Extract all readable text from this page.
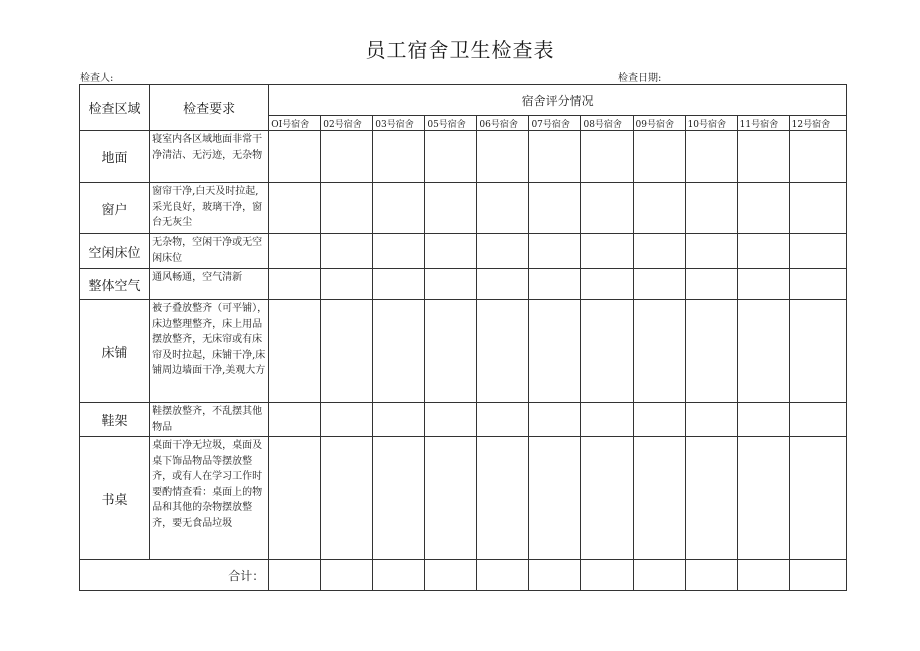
员工宿舍卫生检查表
检查人:	检查日期:
检查区域	检查要求	宿舍评分情况										
		OI号宿舍	02号宿舍	03号宿舍	05号宿舍	06号宿舍	07号宿舍	08号宿舍	09号宿舍	10号宿舍	11号宿舍	12号宿舍
地面	寝室内各区域地面非常干净清洁、无污迹，无杂物											
窗户	窗帘干净,白天及时拉起,采光良好，玻璃干净，窗台无灰尘											
空闲床位	无杂物，空闲干净或无空闲床位											
整体空气	通风畅通，空气清新											
床铺	被子叠放整齐（可平铺），床边整理整齐，床上用品摆放整齐，无床帘或有床帘及时拉起，床铺干净,床铺周边墙面干净,美观大方											
鞋架	鞋摆放整齐，不乱摆其他物品											
书桌	桌面干净无垃圾，桌面及桌下饰品物品等摆放整齐，或有人在学习工作时要酌情查看：桌面上的物品和其他的杂物摆放整齐，要无食品垃圾											
合计：												
